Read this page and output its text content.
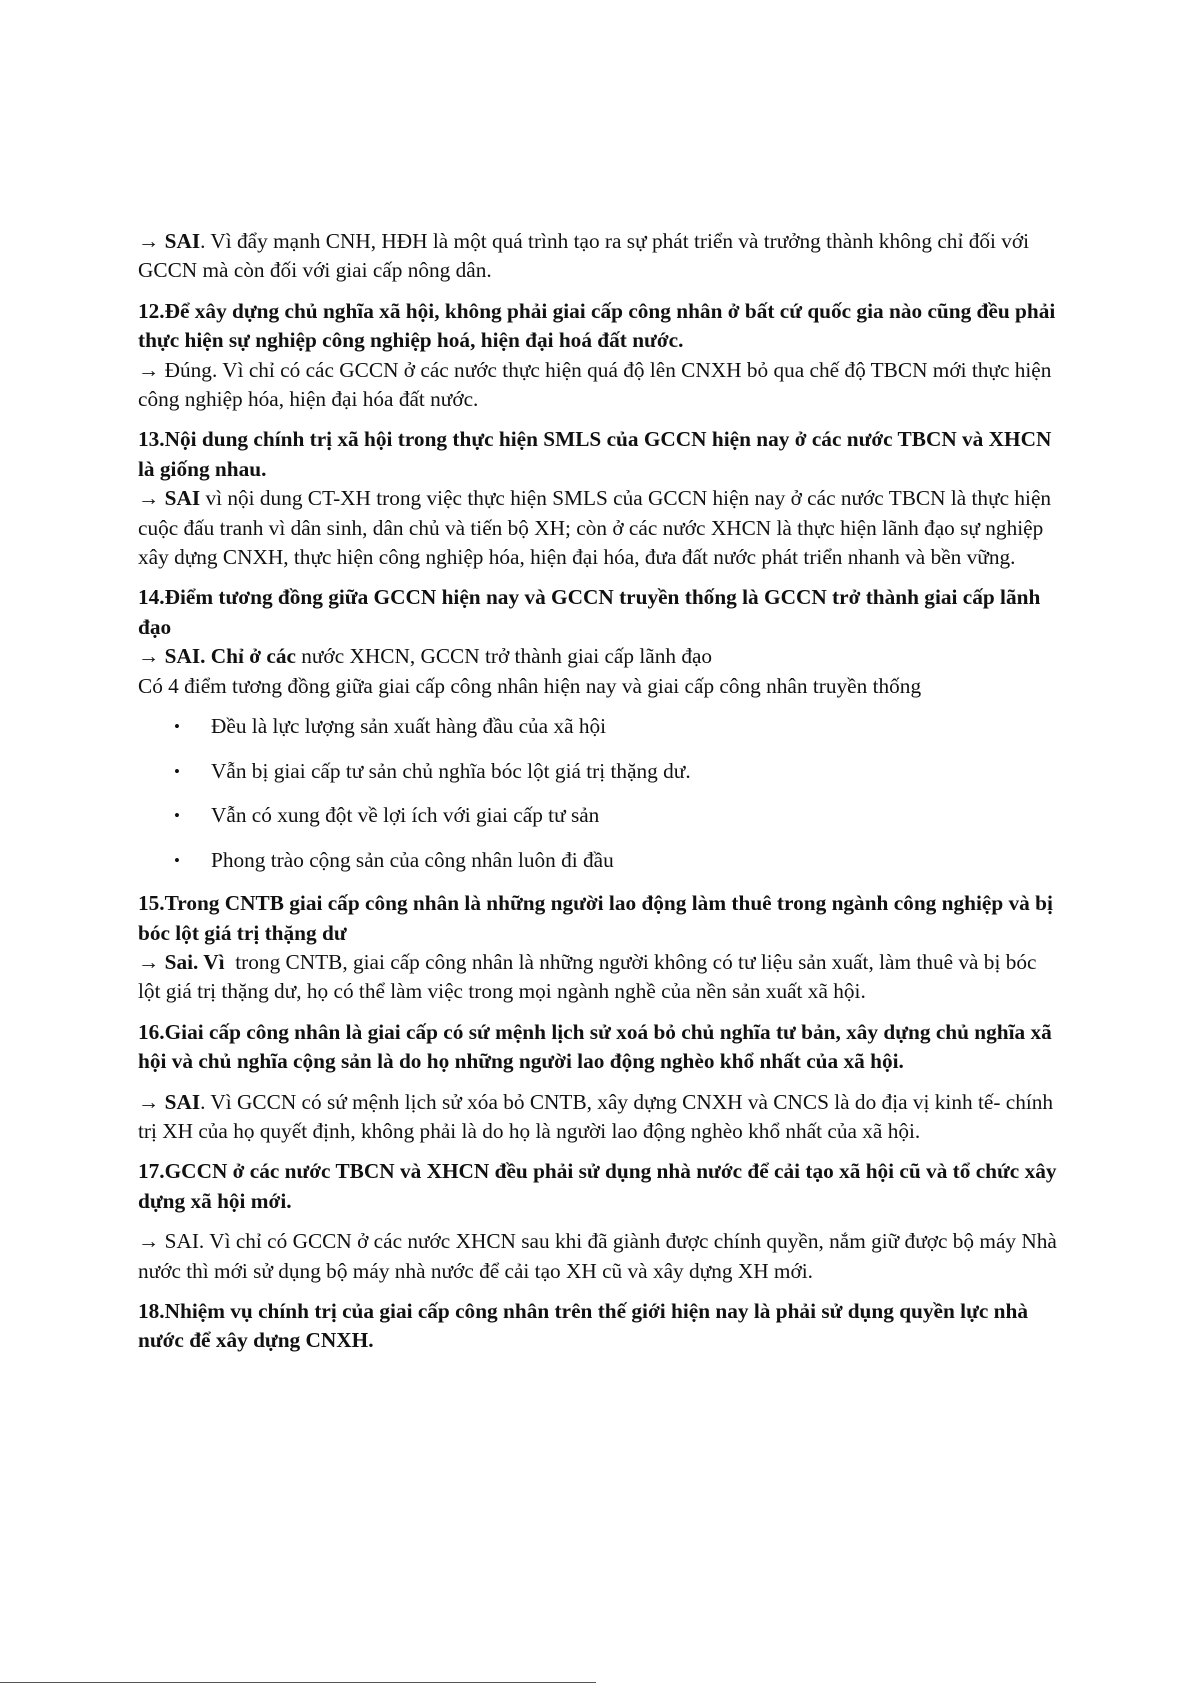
→ SAI. Vì đẩy mạnh CNH, HĐH là một quá trình tạo ra sự phát triển và trưởng thành không chỉ đối với GCCN mà còn đối với giai cấp nông dân.

12.Để xây dựng chủ nghĩa xã hội, không phải giai cấp công nhân ở bất cứ quốc gia nào cũng đều phải thực hiện sự nghiệp công nghiệp hoá, hiện đại hoá đất nước.

→ Đúng. Vì chỉ có các GCCN ở các nước thực hiện quá độ lên CNXH bỏ qua chế độ TBCN mới thực hiện công nghiệp hóa, hiện đại hóa đất nước.

13.Nội dung chính trị xã hội trong thực hiện SMLS của GCCN hiện nay ở các nước TBCN và XHCN là giống nhau.

→ SAI vì nội dung CT-XH trong việc thực hiện SMLS của GCCN hiện nay ở các nước TBCN là thực hiện cuộc đấu tranh vì dân sinh, dân chủ và tiến bộ XH; còn ở các nước XHCN là thực hiện lãnh đạo sự nghiệp xây dựng CNXH, thực hiện công nghiệp hóa, hiện đại hóa, đưa đất nước phát triển nhanh và bền vững.

14.Điểm tương đồng giữa GCCN hiện nay và GCCN truyền thống là GCCN trở thành giai cấp lãnh đạo

→ SAI. Chỉ ở các nước XHCN, GCCN trở thành giai cấp lãnh đạo

Có 4 điểm tương đồng giữa giai cấp công nhân hiện nay và giai cấp công nhân truyền thống

• Đều là lực lượng sản xuất hàng đầu của xã hội
• Vẫn bị giai cấp tư sản chủ nghĩa bóc lột giá trị thặng dư.
• Vẫn có xung đột về lợi ích với giai cấp tư sản
• Phong trào cộng sản của công nhân luôn đi đầu

15.Trong CNTB giai cấp công nhân là những người lao động làm thuê trong ngành công nghiệp và bị bóc lột giá trị thặng dư

→ Sai. Vì  trong CNTB, giai cấp công nhân là những người không có tư liệu sản xuất, làm thuê và bị bóc lột giá trị thặng dư, họ có thể làm việc trong mọi ngành nghề của nền sản xuất xã hội.

16.Giai cấp công nhân là giai cấp có sứ mệnh lịch sử xoá bỏ chủ nghĩa tư bản, xây dựng chủ nghĩa xã hội và chủ nghĩa cộng sản là do họ những người lao động nghèo khổ nhất của xã hội.

→ SAI. Vì GCCN có sứ mệnh lịch sử xóa bỏ CNTB, xây dựng CNXH và CNCS là do địa vị kinh tế- chính trị XH của họ quyết định, không phải là do họ là người lao động nghèo khổ nhất của xã hội.

17.GCCN ở các nước TBCN và XHCN đều phải sử dụng nhà nước để cải tạo xã hội cũ và tổ chức xây dựng xã hội mới.

→ SAI. Vì chỉ có GCCN ở các nước XHCN sau khi đã giành được chính quyền, nắm giữ được bộ máy Nhà nước thì mới sử dụng bộ máy nhà nước để cải tạo XH cũ và xây dựng XH mới.

18.Nhiệm vụ chính trị của giai cấp công nhân trên thế giới hiện nay là phải sử dụng quyền lực nhà nước để xây dựng CNXH.
